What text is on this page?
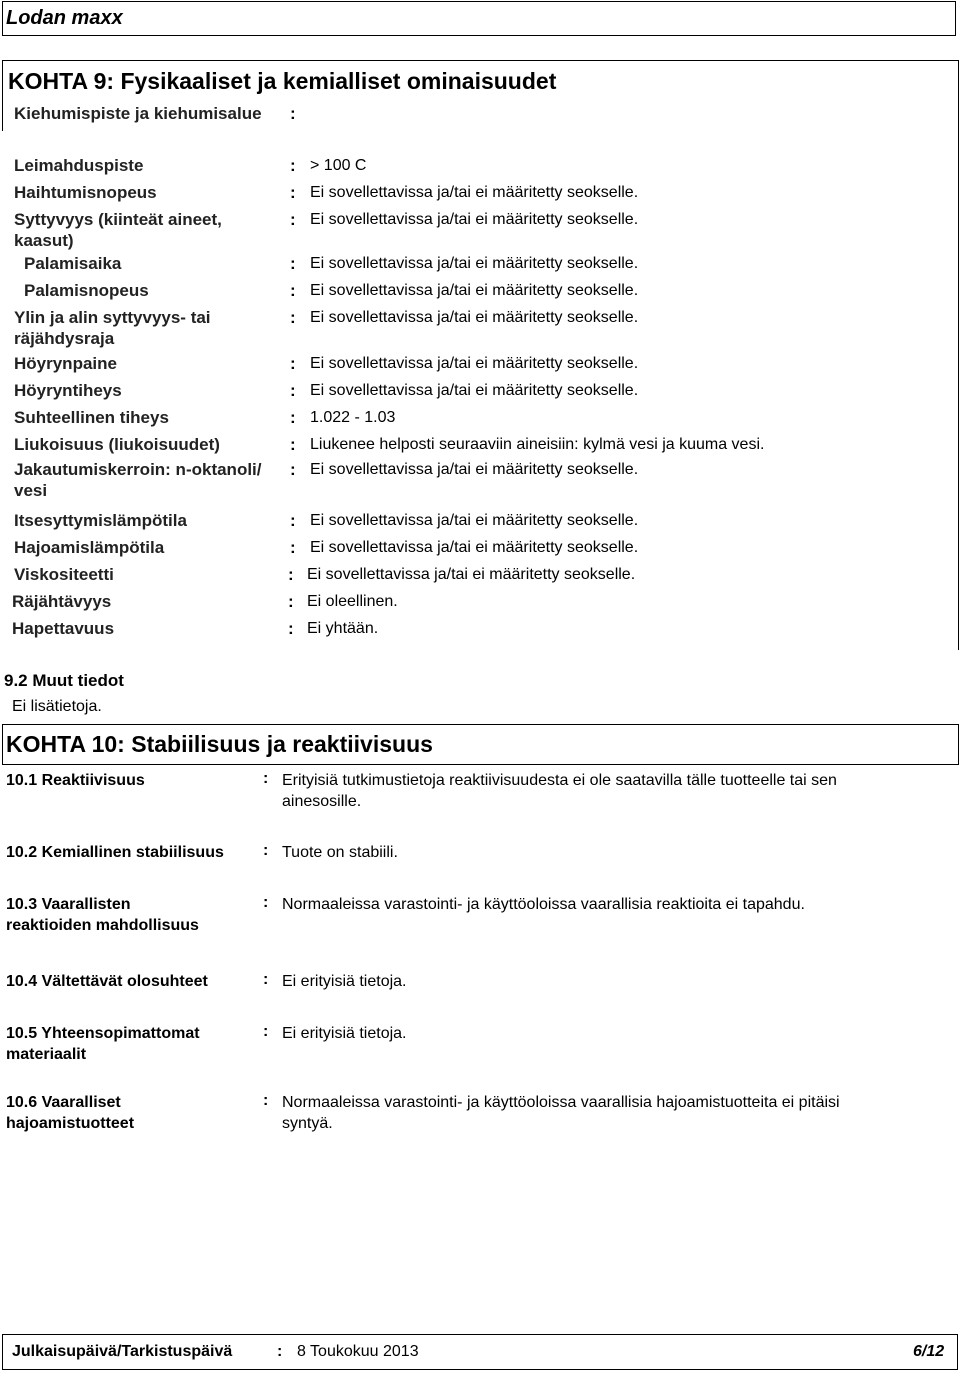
Lodan maxx
KOHTA 9: Fysikaaliset ja kemialliset ominaisuudet
Kiehumispiste ja kiehumisalue :
Leimahduspiste	: > 100 C
Haihtumisnopeus	: Ei sovellettavissa ja/tai ei määritetty seokselle.
Syttyvyys (kiinteät aineet,
kaasut)
: Ei sovellettavissa ja/tai ei määritetty seokselle.
Palamisaika	: Ei sovellettavissa ja/tai ei määritetty seokselle.
Palamisnopeus	: Ei sovellettavissa ja/tai ei määritetty seokselle.
Ylin ja alin syttyvyys- tai
räjähdysraja
: Ei sovellettavissa ja/tai ei määritetty seokselle.
Höyrynpaine	: Ei sovellettavissa ja/tai ei määritetty seokselle.
Höyryntiheys	: Ei sovellettavissa ja/tai ei määritetty seokselle.
Suhteellinen tiheys	: 1.022 - 1.03
Liukoisuus (liukoisuudet)	: Liukenee helposti seuraaviin aineisiin: kylmä vesi ja kuuma vesi.
Jakautumiskerroin: n-oktanoli/
vesi
: Ei sovellettavissa ja/tai ei määritetty seokselle.
Itsesyttymislämpötila	: Ei sovellettavissa ja/tai ei määritetty seokselle.
Hajoamislämpötila	: Ei sovellettavissa ja/tai ei määritetty seokselle.
Viskositeetti	: Ei sovellettavissa ja/tai ei määritetty seokselle.
Räjähtävyys	: Ei oleellinen.
Hapettavuus	: Ei yhtään.
9.2 Muut tiedot
Ei lisätietoja.
KOHTA 10: Stabiilisuus ja reaktiivisuus
10.1 Reaktiivisuus	: Erityisiä tutkimustietoja reaktiivisuudesta ei ole saatavilla tälle tuotteelle tai sen
ainesosille.
10.2 Kemiallinen stabiilisuus : Tuote on stabiili.
10.3 Vaarallisten
reaktioiden mahdollisuus
: Normaaleissa varastointi- ja käyttöoloissa vaarallisia reaktioita ei tapahdu.
10.4 Vältettävät olosuhteet	: Ei erityisiä tietoja.
10.5 Yhteensopimattomat
materiaalit
: Ei erityisiä tietoja.
10.6 Vaaralliset
hajoamistuotteet
: Normaaleissa varastointi- ja käyttöoloissa vaarallisia hajoamistuotteita ei pitäisi
syntyä.
Julkaisupäivä/Tarkistuspäivä	: 8 Toukokuu 2013	6/12
